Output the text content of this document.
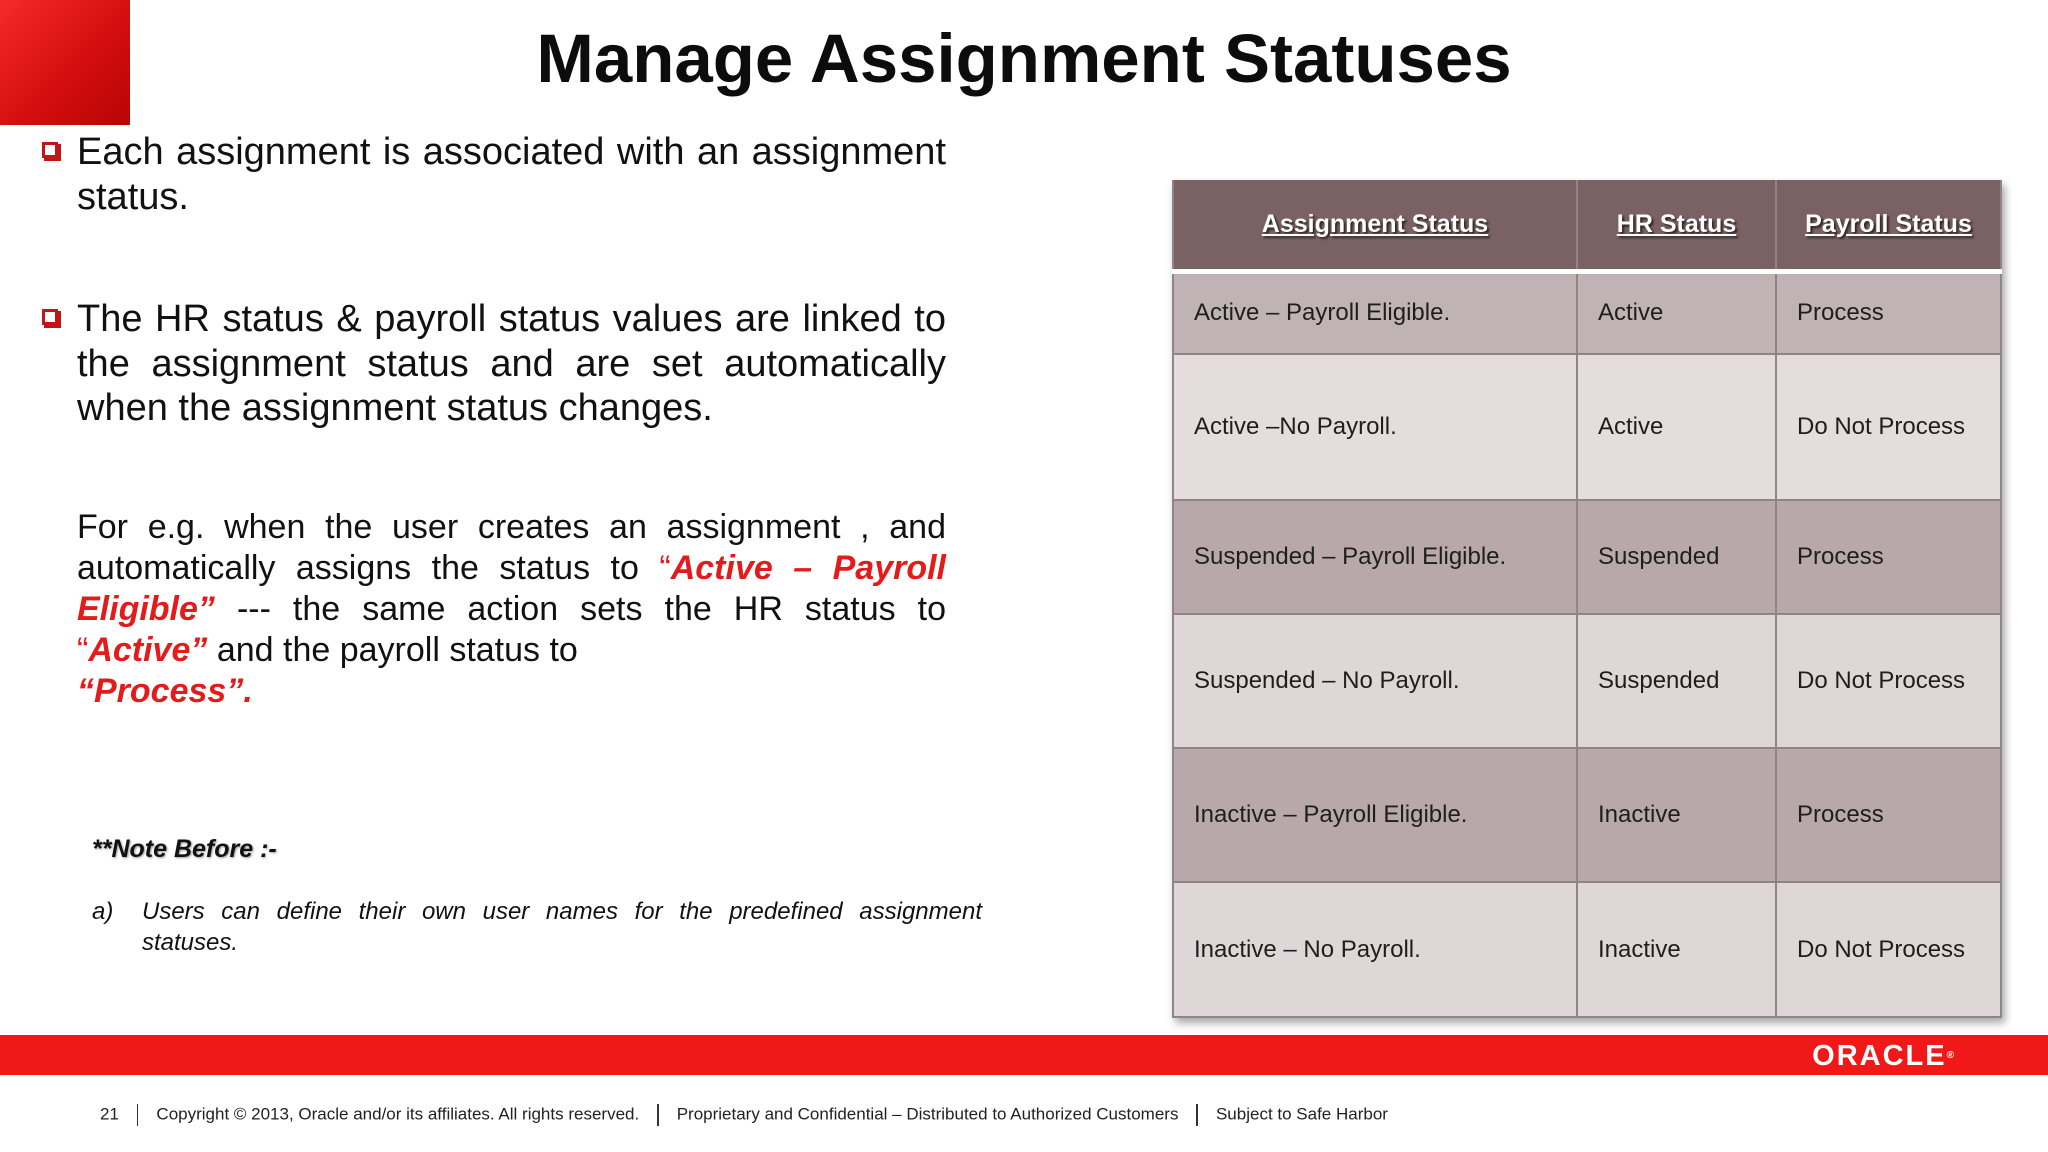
Manage Assignment Statuses
Each assignment is associated with an assignment status.
The HR status & payroll status values are linked to the assignment status and are set automatically when the assignment status changes.
For e.g. when the user creates an assignment , and automatically assigns the status to “Active – Payroll Eligible” --- the same action sets the HR status to “Active” and the payroll status to
“Process”.
**Note Before :-
a) Users can define their own user names for the predefined assignment statuses.
Assignment Status	HR Status	Payroll Status
Active – Payroll Eligible.	Active	Process
Active –No Payroll.	Active	Do Not Process
Suspended – Payroll Eligible.	Suspended	Process
Suspended – No Payroll.	Suspended	Do Not Process
Inactive – Payroll Eligible.	Inactive	Process
Inactive – No Payroll.	Inactive	Do Not Process
ORACLE®
21 Copyright © 2013, Oracle and/or its affiliates. All rights reserved. Proprietary and Confidential – Distributed to Authorized Customers Subject to Safe Harbor
